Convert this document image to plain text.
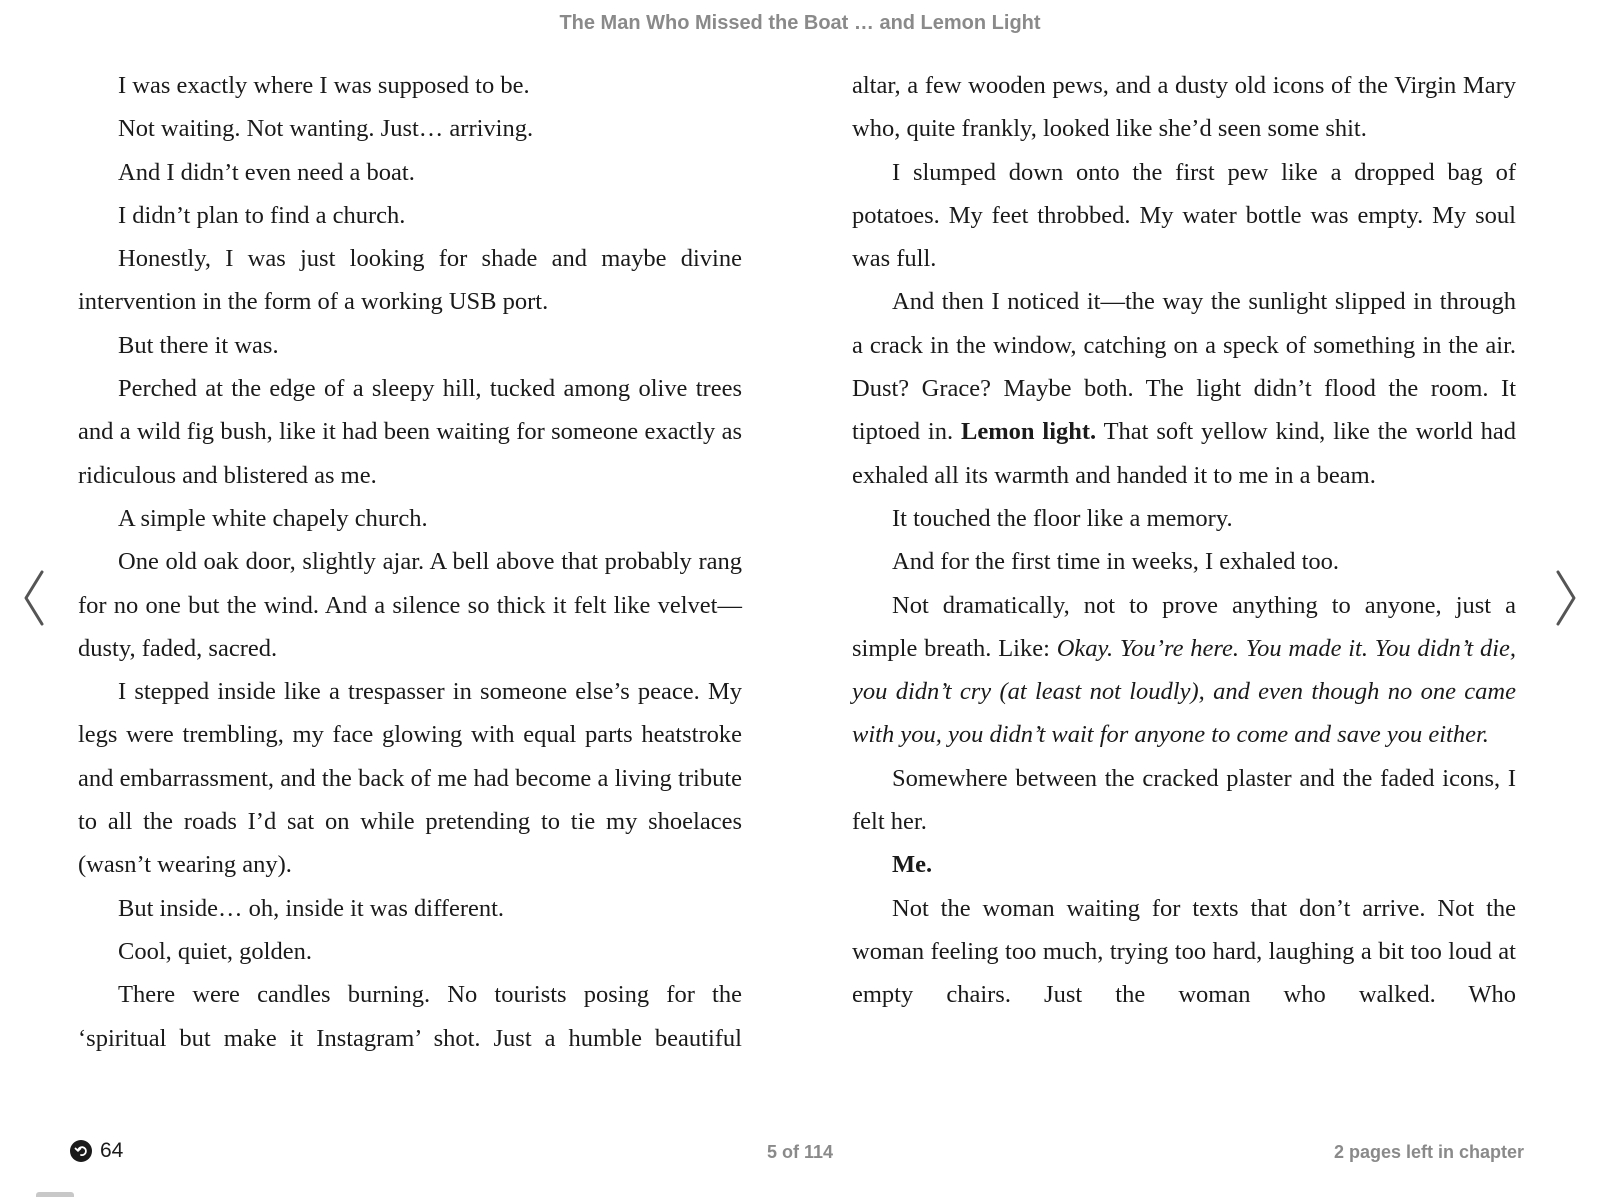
The Man Who Missed the Boat … and Lemon Light

I was exactly where I was supposed to be.

Not waiting. Not wanting. Just… arriving.

And I didn’t even need a boat.

I didn’t plan to find a church.

Honestly, I was just looking for shade and maybe divine intervention in the form of a working USB port.

But there it was.

Perched at the edge of a sleepy hill, tucked among olive trees and a wild fig bush, like it had been waiting for someone exactly as ridiculous and blistered as me.

A simple white chapely church.

One old oak door, slightly ajar. A bell above that probably rang for no one but the wind. And a silence so thick it felt like velvet—dusty, faded, sacred.

I stepped inside like a trespasser in someone else’s peace. My legs were trembling, my face glowing with equal parts heatstroke and embarrassment, and the back of me had become a living tribute to all the roads I’d sat on while pretending to tie my shoelaces (wasn’t wearing any).

But inside… oh, inside it was different.

Cool, quiet, golden.

There were candles burning. No tourists posing for the ‘spiritual but make it Instagram’ shot. Just a humble beautiful

altar, a few wooden pews, and a dusty old icons of the Virgin Mary who, quite frankly, looked like she’d seen some shit.

I slumped down onto the first pew like a dropped bag of potatoes. My feet throbbed. My water bottle was empty. My soul was full.

And then I noticed it—the way the sunlight slipped in through a crack in the window, catching on a speck of something in the air. Dust? Grace? Maybe both. The light didn’t flood the room. It tiptoed in. Lemon light. That soft yellow kind, like the world had exhaled all its warmth and handed it to me in a beam.

It touched the floor like a memory.

And for the first time in weeks, I exhaled too.

Not dramatically, not to prove anything to anyone, just a simple breath. Like: Okay. You’re here. You made it. You didn’t die, you didn’t cry (at least not loudly), and even though no one came with you, you didn’t wait for anyone to come and save you either.

Somewhere between the cracked plaster and the faded icons, I felt her.

Me.

Not the woman waiting for texts that don’t arrive. Not the woman feeling too much, trying too hard, laughing a bit too loud at empty chairs. Just the woman who walked. Who

64	5 of 114	2 pages left in chapter
